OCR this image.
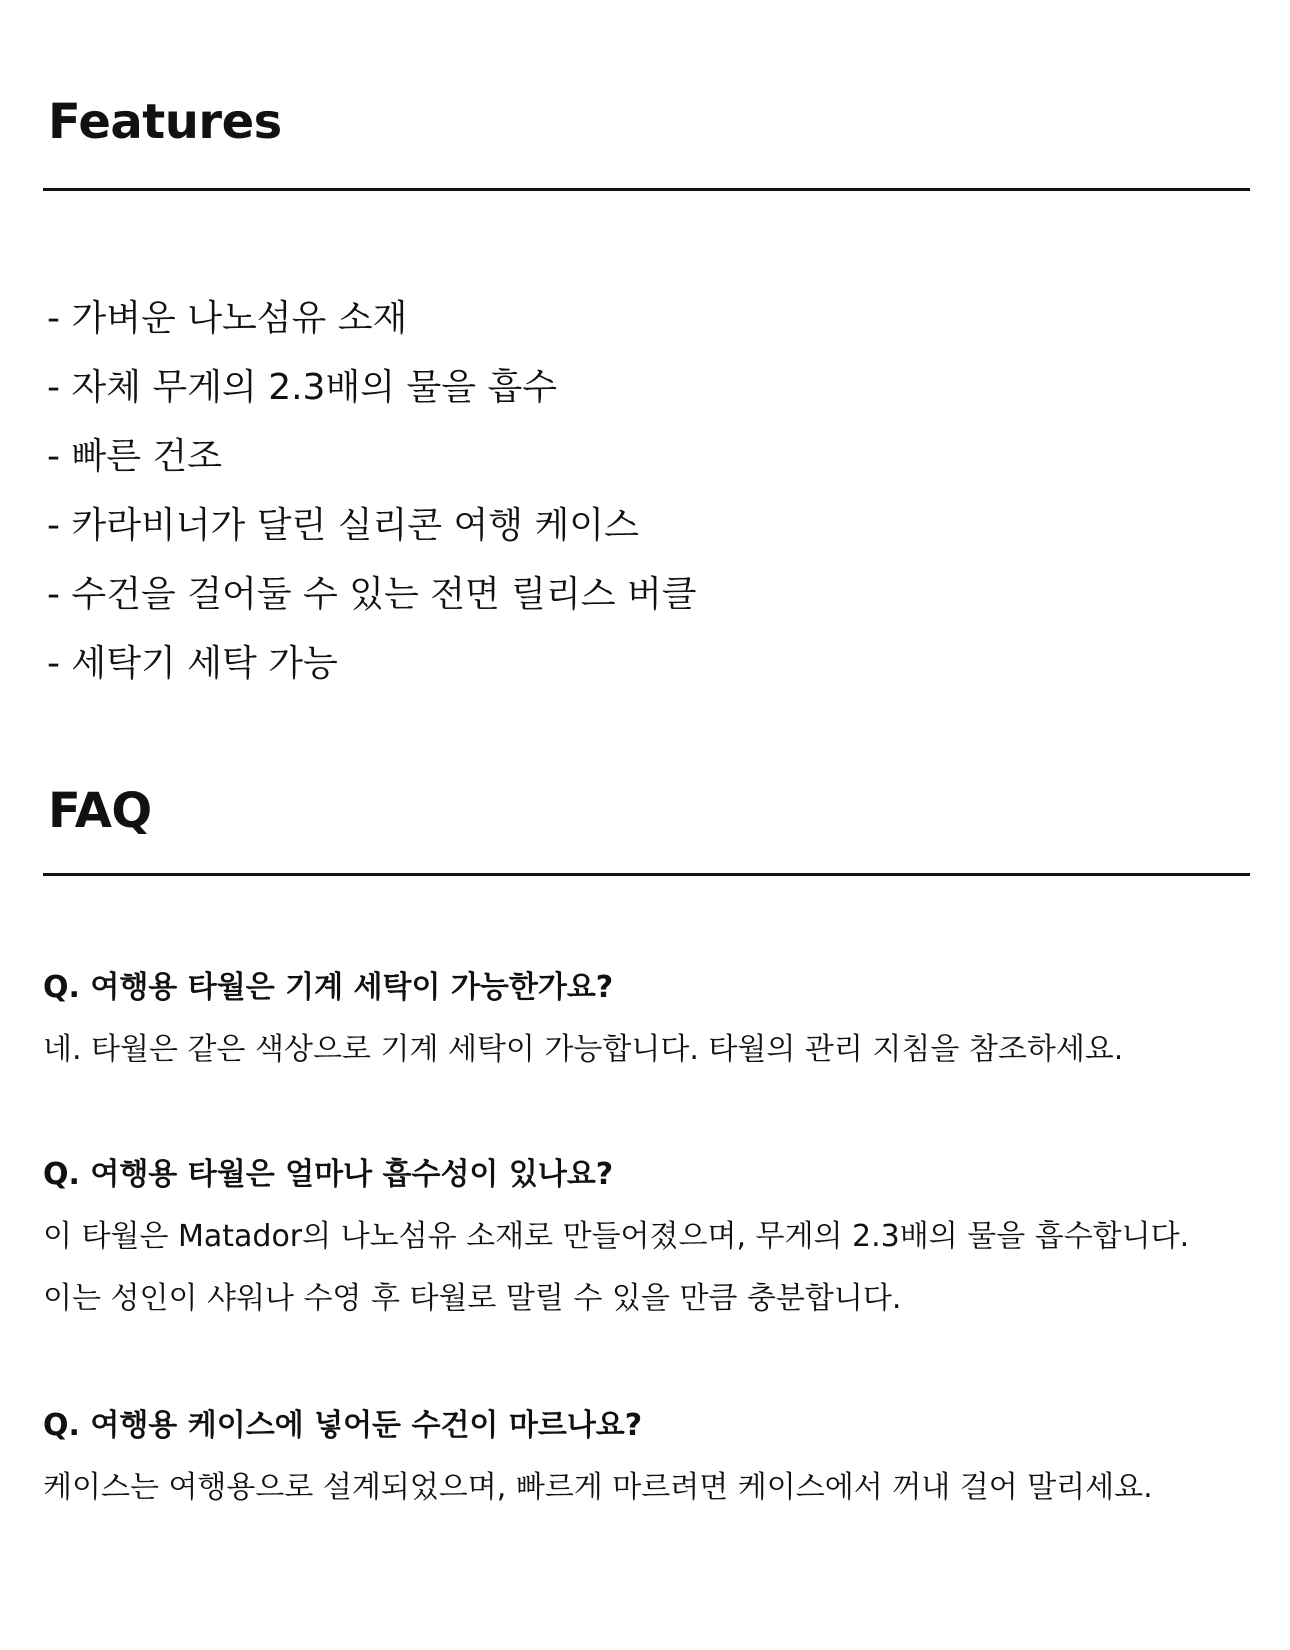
Features
- 가벼운 나노섬유 소재
- 자체 무게의 2.3배의 물을 흡수
- 빠른 건조
- 카라비너가 달린 실리콘 여행 케이스
- 수건을 걸어둘 수 있는 전면 릴리스 버클
- 세탁기 세탁 가능
FAQ

Q. 여행용 타월은 기계 세탁이 가능한가요?

네. 타월은 같은 색상으로 기계 세탁이 가능합니다. 타월의 관리 지침을 참조하세요.

Q. 여행용 타월은 얼마나 흡수성이 있나요?

이 타월은 Matador의 나노섬유 소재로 만들어졌으며, 무게의 2.3배의 물을 흡수합니다.

이는 성인이 샤워나 수영 후 타월로 말릴 수 있을 만큼 충분합니다.

Q. 여행용 케이스에 넣어둔 수건이 마르나요?

케이스는 여행용으로 설계되었으며, 빠르게 마르려면 케이스에서 꺼내 걸어 말리세요.
